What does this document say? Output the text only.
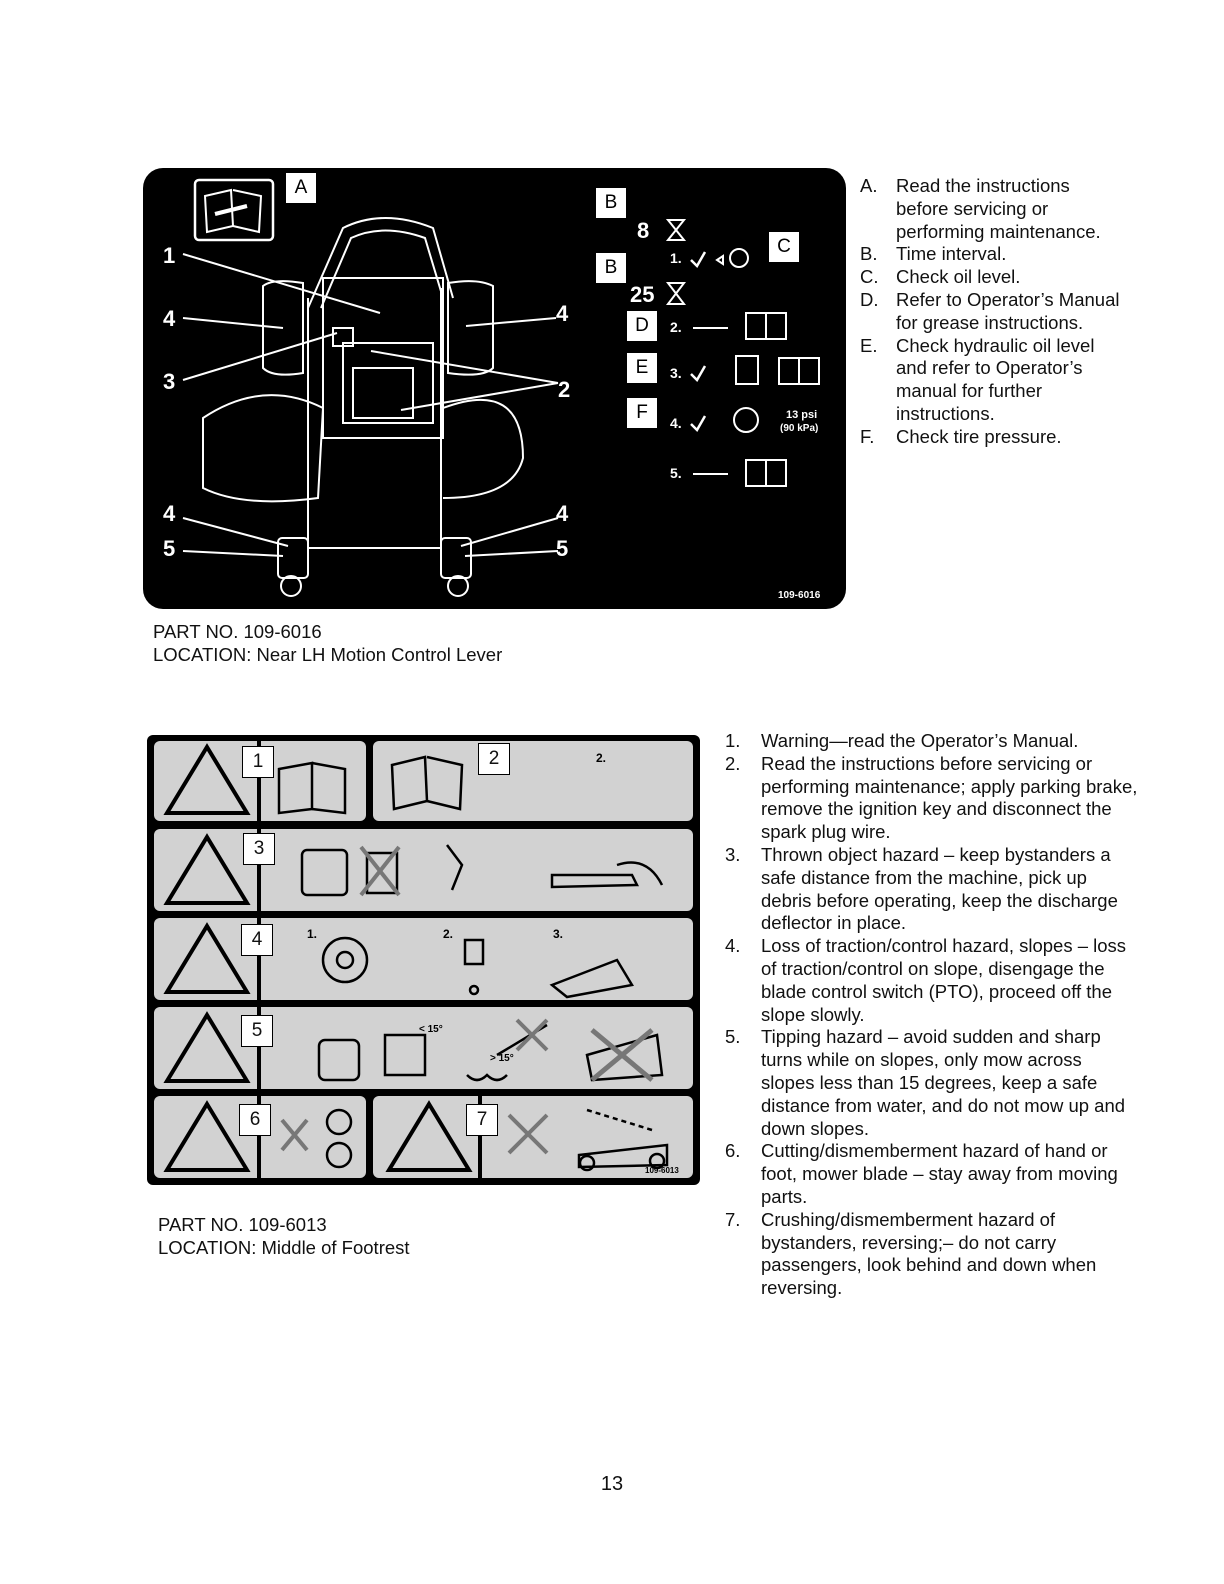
1
4
3
4
2
4
5
4
5
8
25
1.
2.
3.
4.
5.
13 psi
(90 kPa)
109-6016
A
B
B
C
D
E
F
A. Read the instructions before servicing or performing maintenance.
B. Time interval.
C. Check oil level.
D. Refer to Operator’s Manual for grease instructions.
E. Check hydraulic oil level and refer to Operator’s manual for further instructions.
F. Check tire pressure.
PART NO. 109-6016
LOCATION: Near LH Motion Control Lever
2.
1.	2.	3.
< 15°
> 15°
109-6013
1	2
3
4
5
6	7
1. Warning—read the Operator’s Manual.
2. Read the instructions before servicing or performing maintenance; apply parking brake, remove the ignition key and disconnect the spark plug wire.
3. Thrown object hazard – keep bystanders a safe distance from the machine, pick up debris before operating, keep the discharge deflector in place.
4. Loss of traction/control hazard, slopes – loss of traction/control on slope, disengage the blade control switch (PTO), proceed off the slope slowly.
5. Tipping hazard – avoid sudden and sharp turns while on slopes, only mow across slopes less than 15 degrees, keep a safe distance from water, and do not mow up and down slopes.
6. Cutting/dismemberment hazard of hand or foot, mower blade – stay away from moving parts.
7. Crushing/dismemberment hazard of bystanders, reversing;– do not carry passengers, look behind and down when reversing.
PART NO. 109-6013
LOCATION: Middle of Footrest
13
